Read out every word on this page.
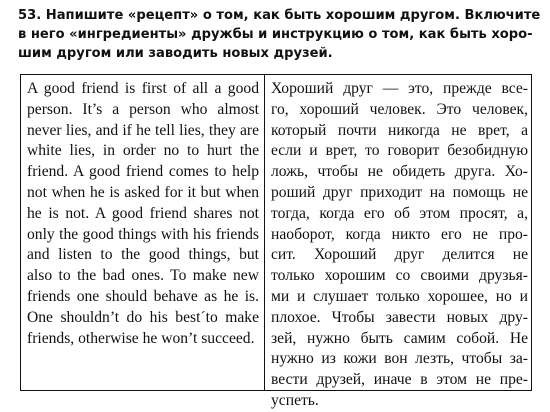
53. Напишите «рецепт» о том, как быть хорошим другом. Включите
в него «ингредиенты» дружбы и инструкцию о том, как быть хоро-
шим другом или заводить новых друзей.
A good friend is first of all a good
person. It’s a person who almost
never lies, and if he tell lies, they are
white lies, in order no to hurt the
friend. A good friend comes to help
not when he is asked for it but when
he is not. A good friend shares not
only the good things with his friends
and listen to the good things, but
also to the bad ones. To make new
friends one should behave as he is.
One shouldn’t do his best´to make
friends, otherwise he won’t succeed.
Хороший друг — это, прежде все-
го, хороший человек. Это человек,
который почти никогда не врет, а
если и врет, то говорит безобидную
ложь, чтобы не обидеть друга. Хо-
роший друг приходит на помощь не
тогда, когда его об этом просят, а,
наоборот, когда никто его не про-
сит. Хороший друг делится не
только хорошим со своими друзья-
ми и слушает только хорошее, но и
плохое. Чтобы завести новых дру-
зей, нужно быть самим собой. Не
нужно из кожи вон лезть, чтобы за-
вести друзей, иначе в этом не пре-
успеть.
